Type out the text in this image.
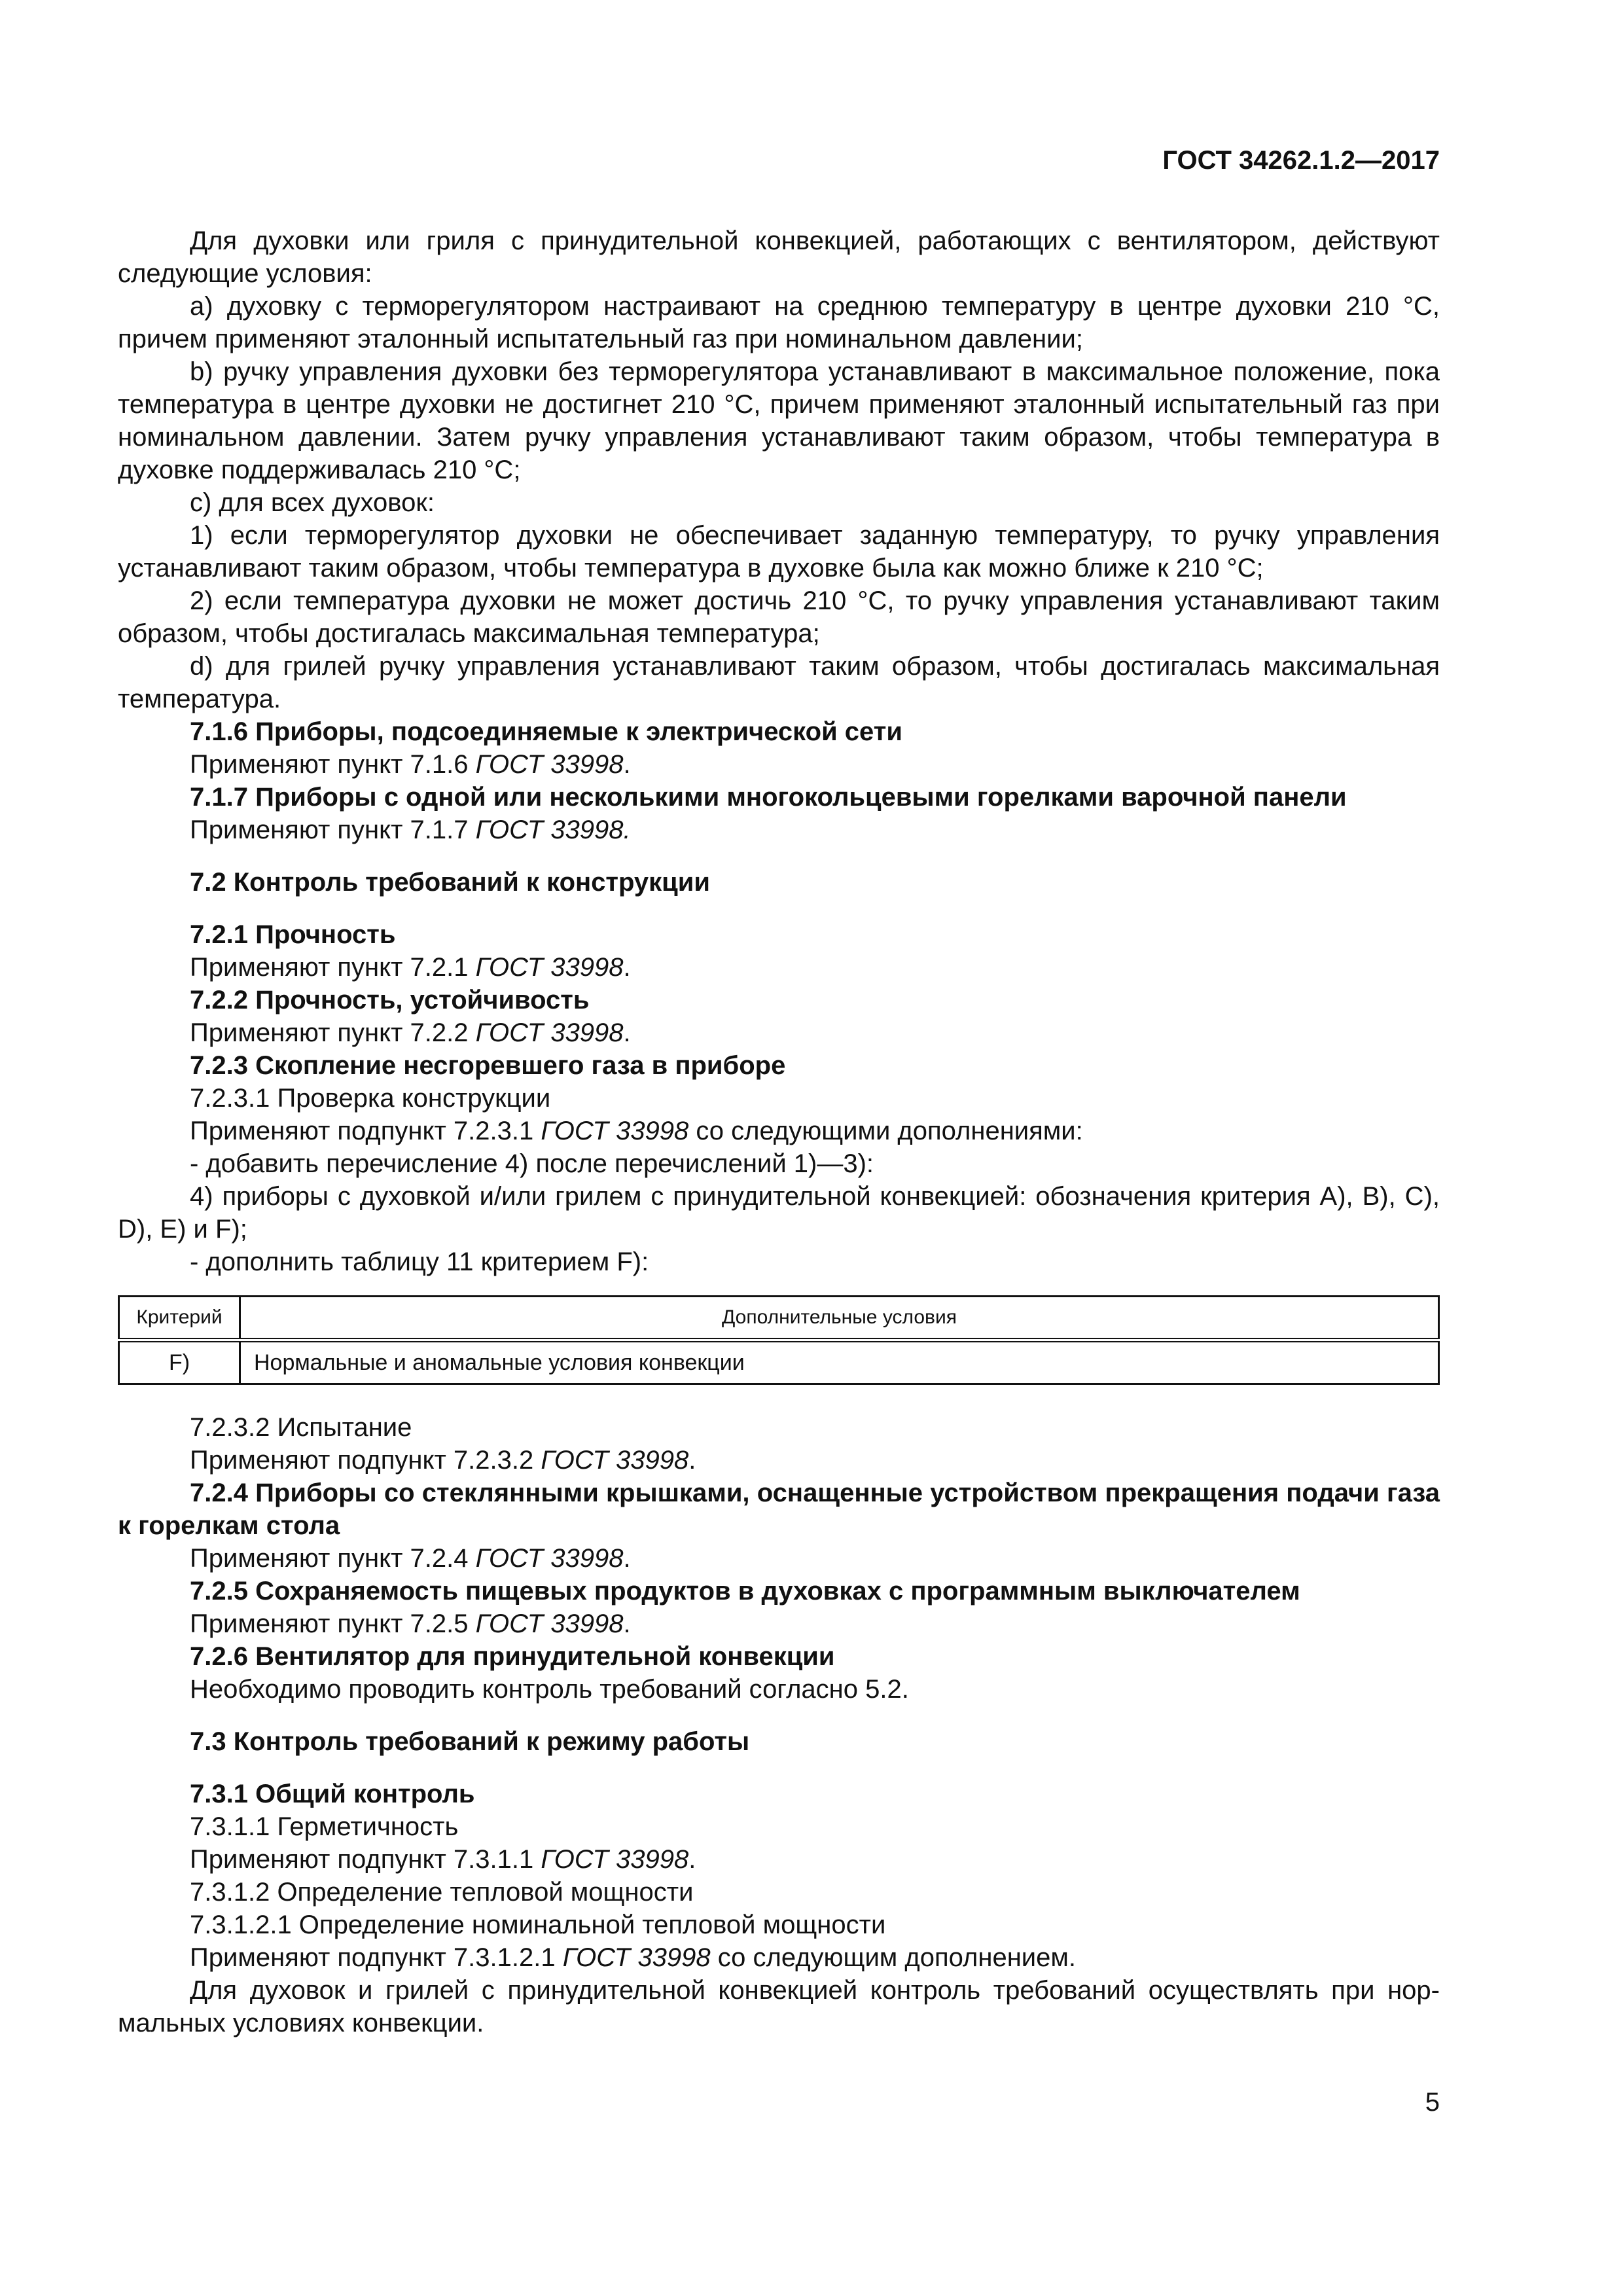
ГОСТ 34262.1.2—2017

Для духовки или гриля с принудительной конвекцией, работающих с вентилятором, действуют следующие условия:

а) духовку с терморегулятором настраивают на среднюю температуру в центре духовки 210 °С, причем применяют эталонный испытательный газ при номинальном давлении;

b) ручку управления духовки без терморегулятора устанавливают в максимальное положение, пока температура в центре духовки не достигнет 210 °С, причем применяют эталонный испытательный газ при номинальном давлении. Затем ручку управления устанавливают таким образом, чтобы температура в духовке поддерживалась 210 °С;

с) для всех духовок:

1) если терморегулятор духовки не обеспечивает заданную температуру, то ручку управления устанавливают таким образом, чтобы температура в духовке была как можно ближе к 210 °С;

2) если температура духовки не может достичь 210 °С, то ручку управления устанавливают таким образом, чтобы достигалась максимальная температура;

d) для грилей ручку управления устанавливают таким образом, чтобы достигалась максимальная температура.

7.1.6 Приборы, подсоединяемые к электрической сети

Применяют пункт 7.1.6 ГОСТ 33998.

7.1.7 Приборы с одной или несколькими многокольцевыми горелками варочной панели

Применяют пункт 7.1.7 ГОСТ 33998.

7.2 Контроль требований к конструкции

7.2.1 Прочность

Применяют пункт 7.2.1 ГОСТ 33998.

7.2.2 Прочность, устойчивость

Применяют пункт 7.2.2 ГОСТ 33998.

7.2.3 Скопление несгоревшего газа в приборе

7.2.3.1 Проверка конструкции

Применяют подпункт 7.2.3.1 ГОСТ 33998 со следующими дополнениями:

- добавить перечисление 4) после перечислений 1)—3):

4) приборы с духовкой и/или грилем с принудительной конвекцией: обозначения критерия А), В), С), D), Е) и F);

- дополнить таблицу 11 критерием F):

Критерий	Дополнительные условия
F)	Нормальные и аномальные условия конвекции

7.2.3.2 Испытание

Применяют подпункт 7.2.3.2 ГОСТ 33998.

7.2.4 Приборы со стеклянными крышками, оснащенные устройством прекращения подачи газа к горелкам стола

Применяют пункт 7.2.4 ГОСТ 33998.

7.2.5 Сохраняемость пищевых продуктов в духовках с программным выключателем

Применяют пункт 7.2.5 ГОСТ 33998.

7.2.6 Вентилятор для принудительной конвекции

Необходимо проводить контроль требований согласно 5.2.

7.3 Контроль требований к режиму работы

7.3.1 Общий контроль

7.3.1.1 Герметичность

Применяют подпункт 7.3.1.1 ГОСТ 33998.

7.3.1.2 Определение тепловой мощности

7.3.1.2.1 Определение номинальной тепловой мощности

Применяют подпункт 7.3.1.2.1 ГОСТ 33998 со следующим дополнением.

Для духовок и грилей с принудительной конвекцией контроль требований осуществлять при нормальных условиях конвекции.

5
